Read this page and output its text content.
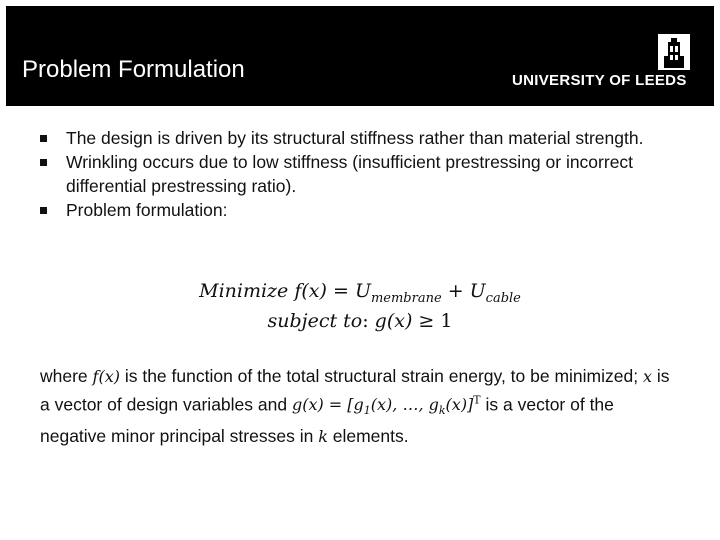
Problem Formulation	UNIVERSITY OF LEEDS
The design is driven by its structural stiffness rather than material strength.
Wrinkling occurs due to low stiffness (insufficient prestressing or incorrect differential prestressing ratio).
Problem formulation:
Minimize $f(x) = U_{membrane} + U_{cable}$
subject to: g(x) ≥ 1
where f(x) is the function of the total structural strain energy, to be minimized; x is a vector of design variables and $g(x) = [g_1(x)$, …, $g_k(x)]^T$ is a vector of the negative minor principal stresses in k elements.
